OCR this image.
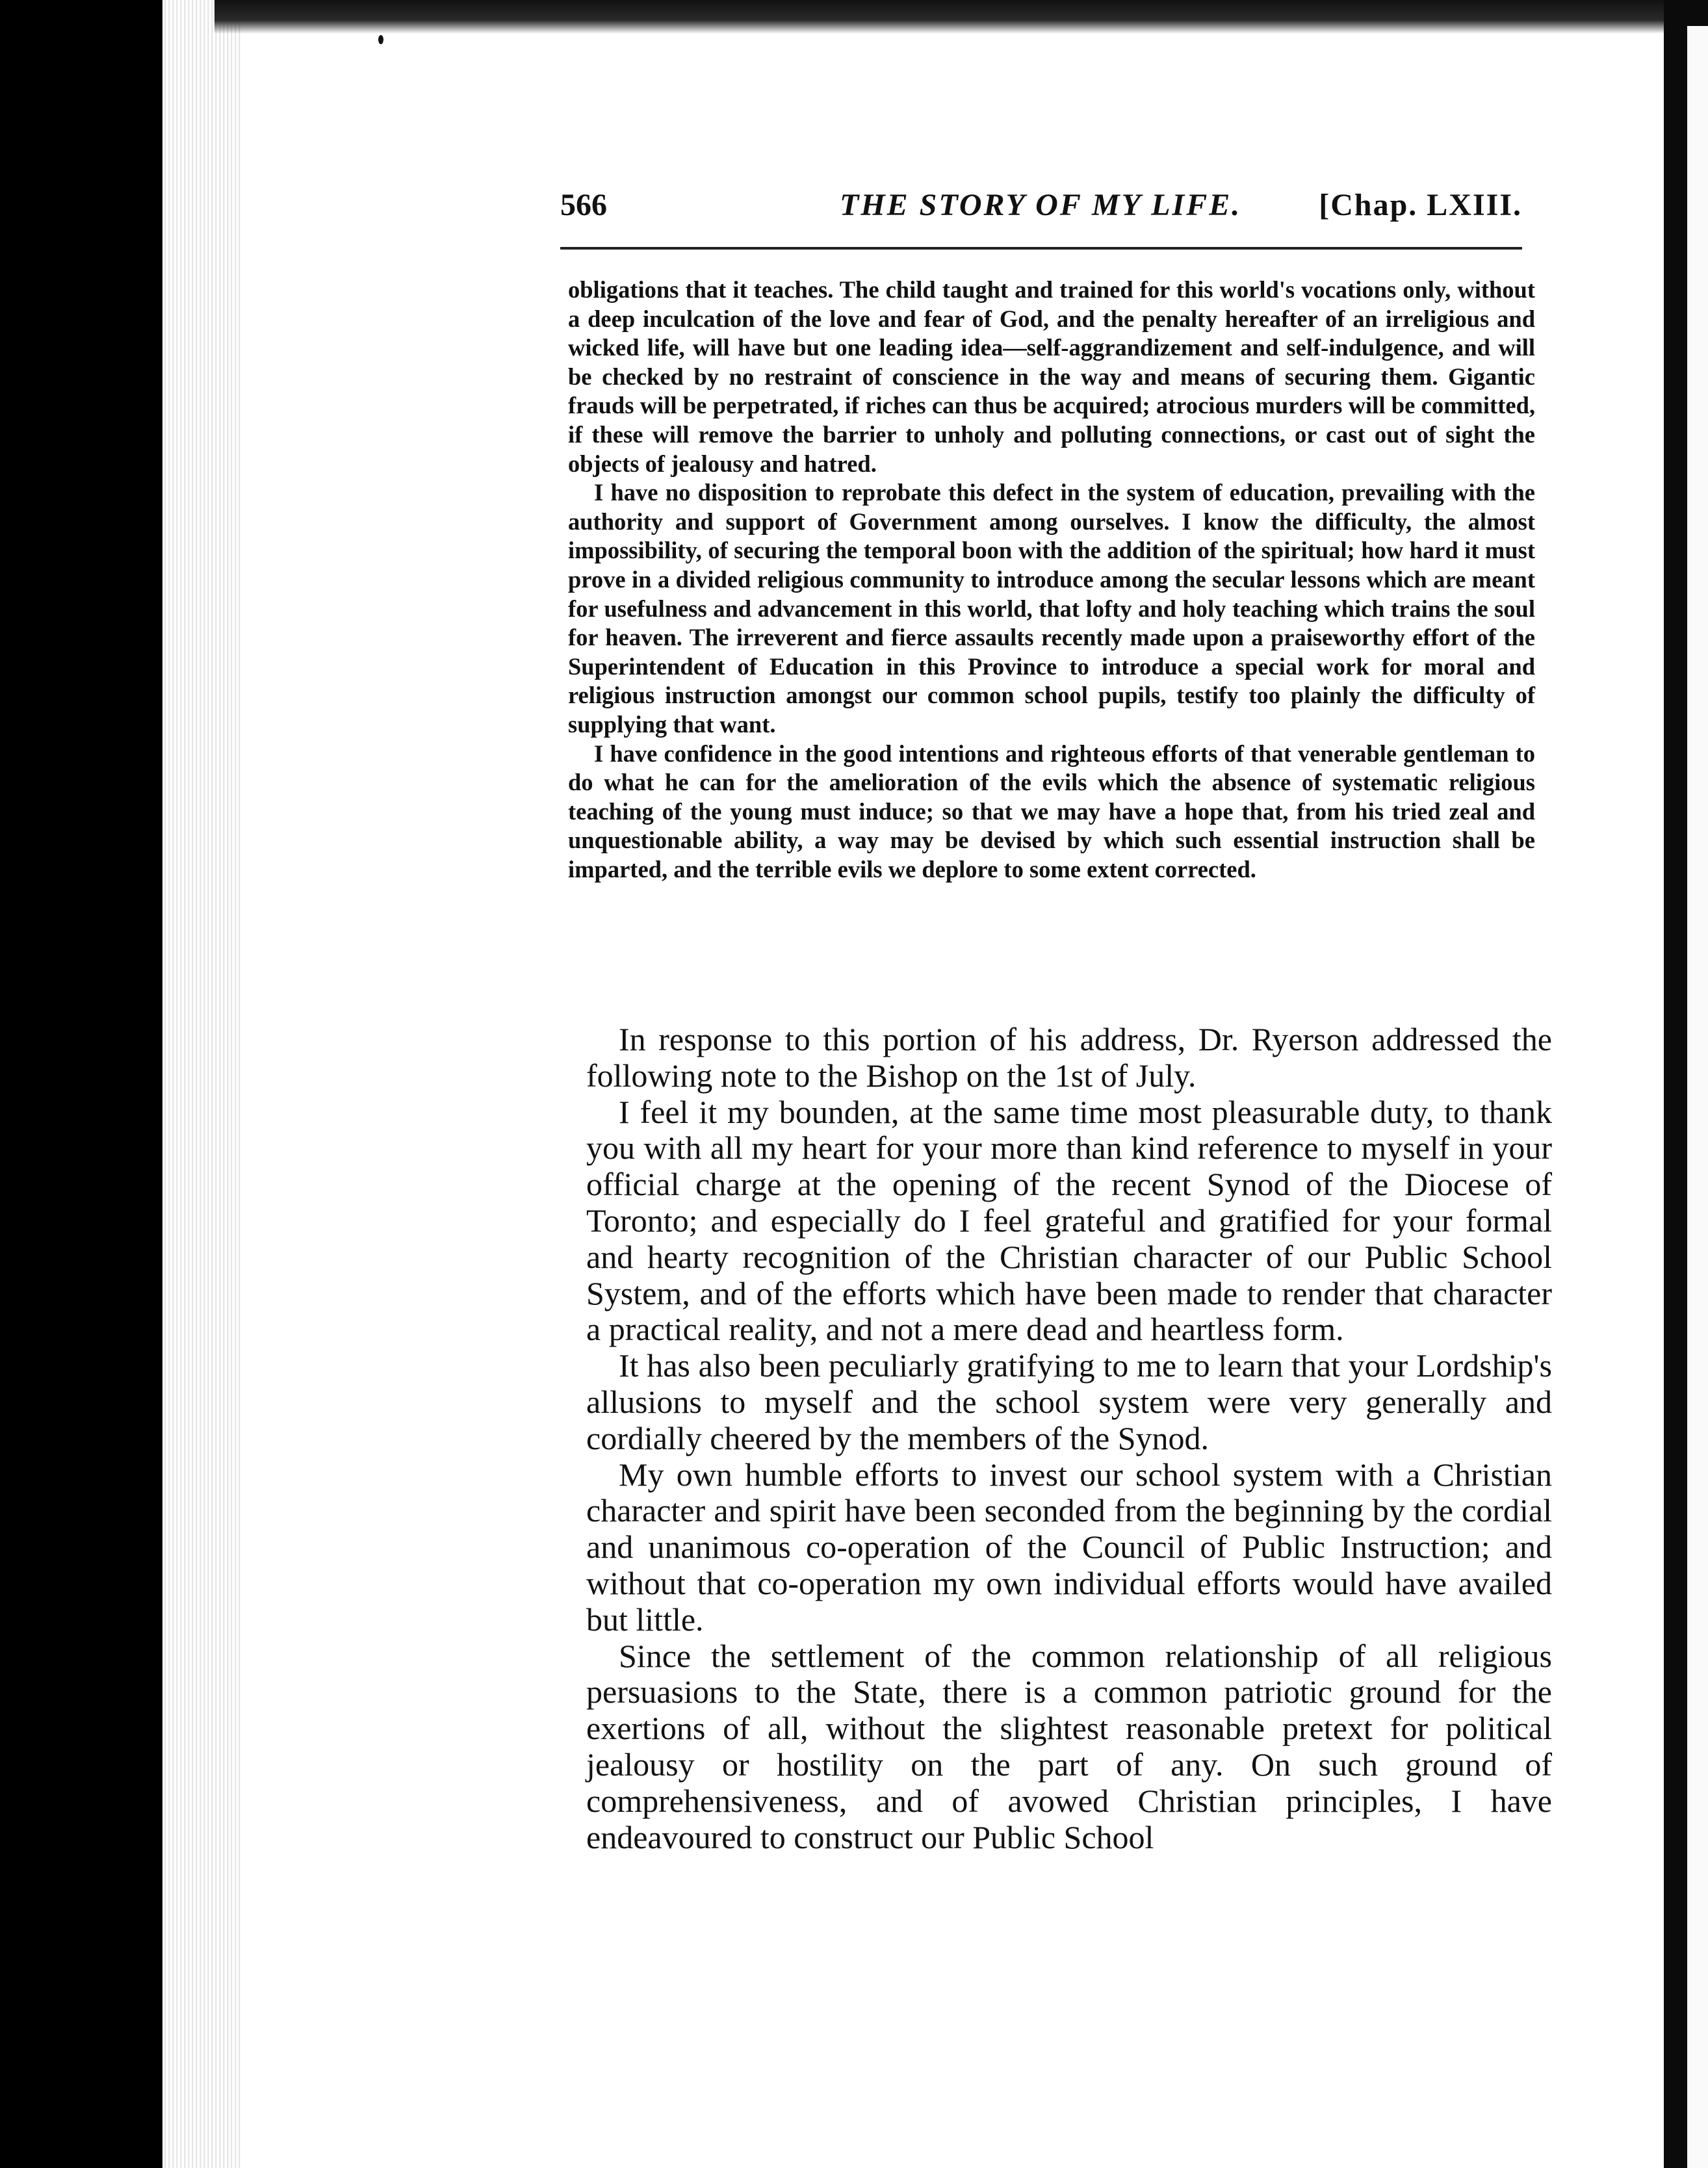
566	THE STORY OF MY LIFE. [Chap. LXIII.

obligations that it teaches. The child taught and trained for this world's vocations only, without a deep inculcation of the love and fear of God, and the penalty hereafter of an irreligious and wicked life, will have but one leading idea—self-aggrandizement and self-indulgence, and will be checked by no restraint of conscience in the way and means of securing them. Gigantic frauds will be perpetrated, if riches can thus be acquired; atrocious murders will be committed, if these will remove the barrier to unholy and polluting connections, or cast out of sight the objects of jealousy and hatred.

I have no disposition to reprobate this defect in the system of education, prevailing with the authority and support of Government among ourselves. I know the difficulty, the almost impossibility, of securing the temporal boon with the addition of the spiritual; how hard it must prove in a divided religious community to introduce among the secular lessons which are meant for usefulness and advancement in this world, that lofty and holy teaching which trains the soul for heaven. The irreverent and fierce assaults recently made upon a praiseworthy effort of the Superintendent of Education in this Province to introduce a special work for moral and religious instruction amongst our common school pupils, testify too plainly the difficulty of supplying that want.

I have confidence in the good intentions and righteous efforts of that venerable gentleman to do what he can for the amelioration of the evils which the absence of systematic religious teaching of the young must induce; so that we may have a hope that, from his tried zeal and unquestionable ability, a way may be devised by which such essential instruction shall be imparted, and the terrible evils we deplore to some extent corrected.

In response to this portion of his address, Dr. Ryerson addressed the following note to the Bishop on the 1st of July.

I feel it my bounden, at the same time most pleasurable duty, to thank you with all my heart for your more than kind reference to myself in your official charge at the opening of the recent Synod of the Diocese of Toronto; and especially do I feel grateful and gratified for your formal and hearty recognition of the Christian character of our Public School System, and of the efforts which have been made to render that character a practical reality, and not a mere dead and heartless form.

It has also been peculiarly gratifying to me to learn that your Lordship's allusions to myself and the school system were very generally and cordially cheered by the members of the Synod.

My own humble efforts to invest our school system with a Christian character and spirit have been seconded from the beginning by the cordial and unanimous co-operation of the Council of Public Instruction; and without that co-operation my own individual efforts would have availed but little.

Since the settlement of the common relationship of all religious persuasions to the State, there is a common patriotic ground for the exertions of all, without the slightest reasonable pretext for political jealousy or hostility on the part of any. On such ground of comprehensiveness, and of avowed Christian principles, I have endeavoured to construct our Public School
